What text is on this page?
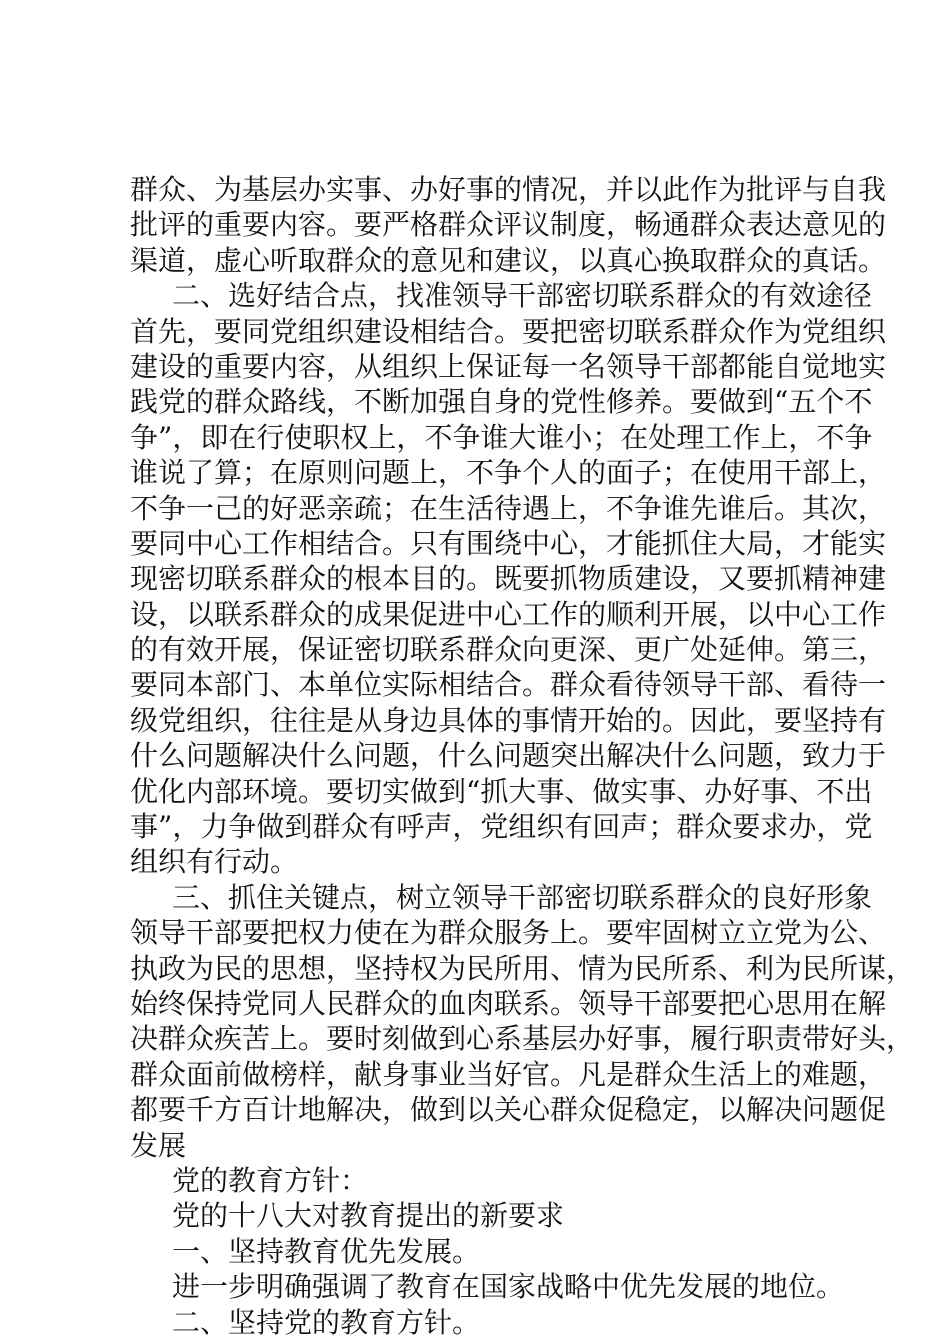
群众、为基层办实事、办好事的情况，并以此作为批评与自我
批评的重要内容。要严格群众评议制度，畅通群众表达意见的
渠道，虚心听取群众的意见和建议，以真心换取群众的真话。
二、选好结合点，找准领导干部密切联系群众的有效途径
首先，要同党组织建设相结合。要把密切联系群众作为党组织
建设的重要内容，从组织上保证每一名领导干部都能自觉地实
践党的群众路线，不断加强自身的党性修养。要做到“五个不
争”，即在行使职权上，不争谁大谁小；在处理工作上，不争
谁说了算；在原则问题上，不争个人的面子；在使用干部上，
不争一己的好恶亲疏；在生活待遇上，不争谁先谁后。其次，
要同中心工作相结合。只有围绕中心，才能抓住大局，才能实
现密切联系群众的根本目的。既要抓物质建设，又要抓精神建
设，以联系群众的成果促进中心工作的顺利开展，以中心工作
的有效开展，保证密切联系群众向更深、更广处延伸。第三，
要同本部门、本单位实际相结合。群众看待领导干部、看待一
级党组织，往往是从身边具体的事情开始的。因此，要坚持有
什么问题解决什么问题，什么问题突出解决什么问题，致力于
优化内部环境。要切实做到“抓大事、做实事、办好事、不出
事”，力争做到群众有呼声，党组织有回声；群众要求办，党
组织有行动。
三、抓住关键点，树立领导干部密切联系群众的良好形象
领导干部要把权力使在为群众服务上。要牢固树立立党为公、
执政为民的思想，坚持权为民所用、情为民所系、利为民所谋，
始终保持党同人民群众的血肉联系。领导干部要把心思用在解
决群众疾苦上。要时刻做到心系基层办好事，履行职责带好头，
群众面前做榜样，献身事业当好官。凡是群众生活上的难题，
都要千方百计地解决，做到以关心群众促稳定，以解决问题促
发展
党的教育方针：
党的十八大对教育提出的新要求
一、坚持教育优先发展。
进一步明确强调了教育在国家战略中优先发展的地位。
二、坚持党的教育方针。
